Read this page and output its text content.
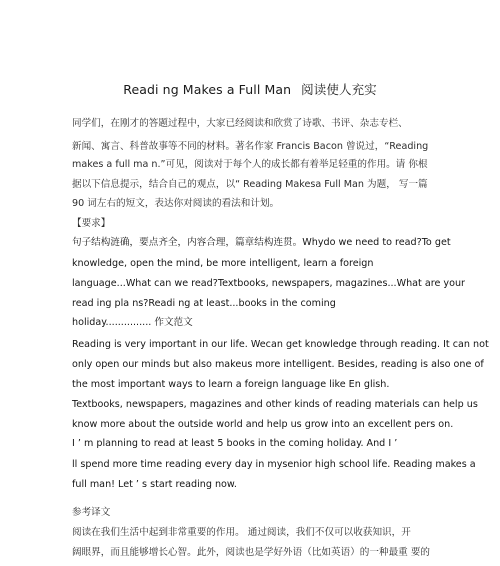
Readi ng Makes a Full Man 阅读使人充实
同学们，在刚才的答题过程中，大家已经阅读和欣赏了诗歌、书评、杂志专栏、
新闻、寓言、科普故事等不同的材料。著名作家 Francis Bacon 曾说过，“Reading
makes a full ma n.”可见，阅读对于每个人的成长都有着举足轻重的作用。请 你根
据以下信息提示，结合自己的观点，以“ Reading Makesa Full Man 为题， 写一篇
90 词左右的短文，表达你对阅读的看法和计划。
【要求】
句子结构涟确，要点齐全，内容合理，篇章结构连贯。Whydo we need to read?To get
knowledge, open the mind, be more intelligent, learn a foreign
language...What can we read?Textbooks, newspapers, magazines...What are your
read ing pla ns?Readi ng at least...books in the coming
holiday............... 作文范文
Reading is very important in our life. Wecan get knowledge through reading. It can not
only open our minds but also makeus more intelligent. Besides, reading is also one of
the most important ways to learn a foreign language like En glish.
Textbooks, newspapers, magazines and other kinds of reading materials can help us
know more about the outside world and help us grow into an excellent pers on.
I ’ m planning to read at least 5 books in the coming holiday. And I ’
ll spend more time reading every day in mysenior high school life. Reading makes a
full man! Let ’ s start reading now.
参考译文
阅读在我们生活中起到非常重要的作用。 通过阅读，我们不仅可以收获知识，开
阔眼界，而且能够增长心智。此外，阅读也是学好外语（比如英语）的一种最重 要的
